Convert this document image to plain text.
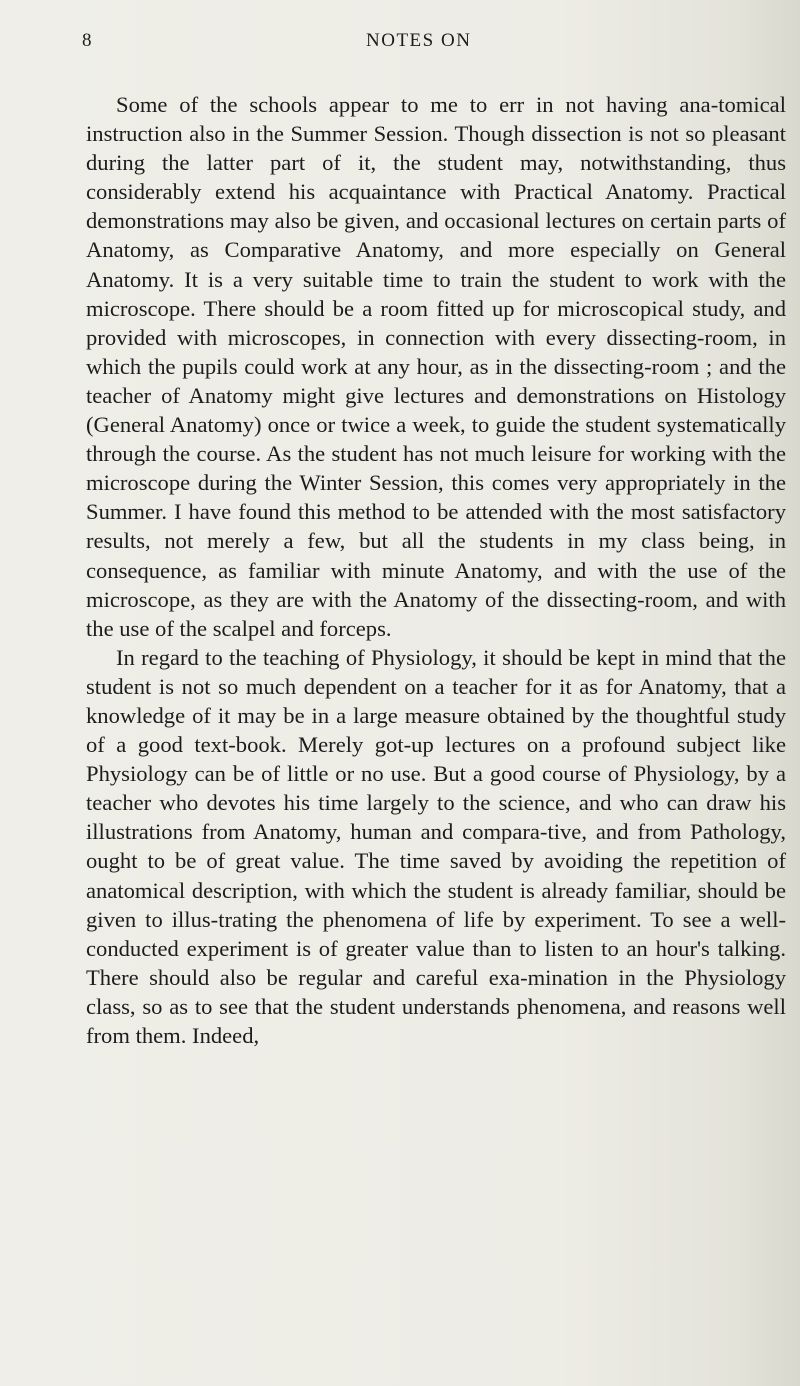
8	NOTES ON

Some of the schools appear to me to err in not having ana-tomical instruction also in the Summer Session. Though dissection is not so pleasant during the latter part of it, the student may, notwithstanding, thus considerably extend his acquaintance with Practical Anatomy. Practical demonstrations may also be given, and occasional lectures on certain parts of Anatomy, as Comparative Anatomy, and more especially on General Anatomy. It is a very suitable time to train the student to work with the microscope. There should be a room fitted up for microscopical study, and provided with microscopes, in connection with every dissecting-room, in which the pupils could work at any hour, as in the dissecting-room ; and the teacher of Anatomy might give lectures and demonstrations on Histology (General Anatomy) once or twice a week, to guide the student systematically through the course. As the student has not much leisure for working with the microscope during the Winter Session, this comes very appropriately in the Summer. I have found this method to be attended with the most satisfactory results, not merely a few, but all the students in my class being, in consequence, as familiar with minute Anatomy, and with the use of the microscope, as they are with the Anatomy of the dissecting-room, and with the use of the scalpel and forceps.

In regard to the teaching of Physiology, it should be kept in mind that the student is not so much dependent on a teacher for it as for Anatomy, that a knowledge of it may be in a large measure obtained by the thoughtful study of a good text-book. Merely got-up lectures on a profound subject like Physiology can be of little or no use. But a good course of Physiology, by a teacher who devotes his time largely to the science, and who can draw his illustrations from Anatomy, human and compara-tive, and from Pathology, ought to be of great value. The time saved by avoiding the repetition of anatomical description, with which the student is already familiar, should be given to illus-trating the phenomena of life by experiment. To see a well-conducted experiment is of greater value than to listen to an hour's talking. There should also be regular and careful exa-mination in the Physiology class, so as to see that the student understands phenomena, and reasons well from them. Indeed,
